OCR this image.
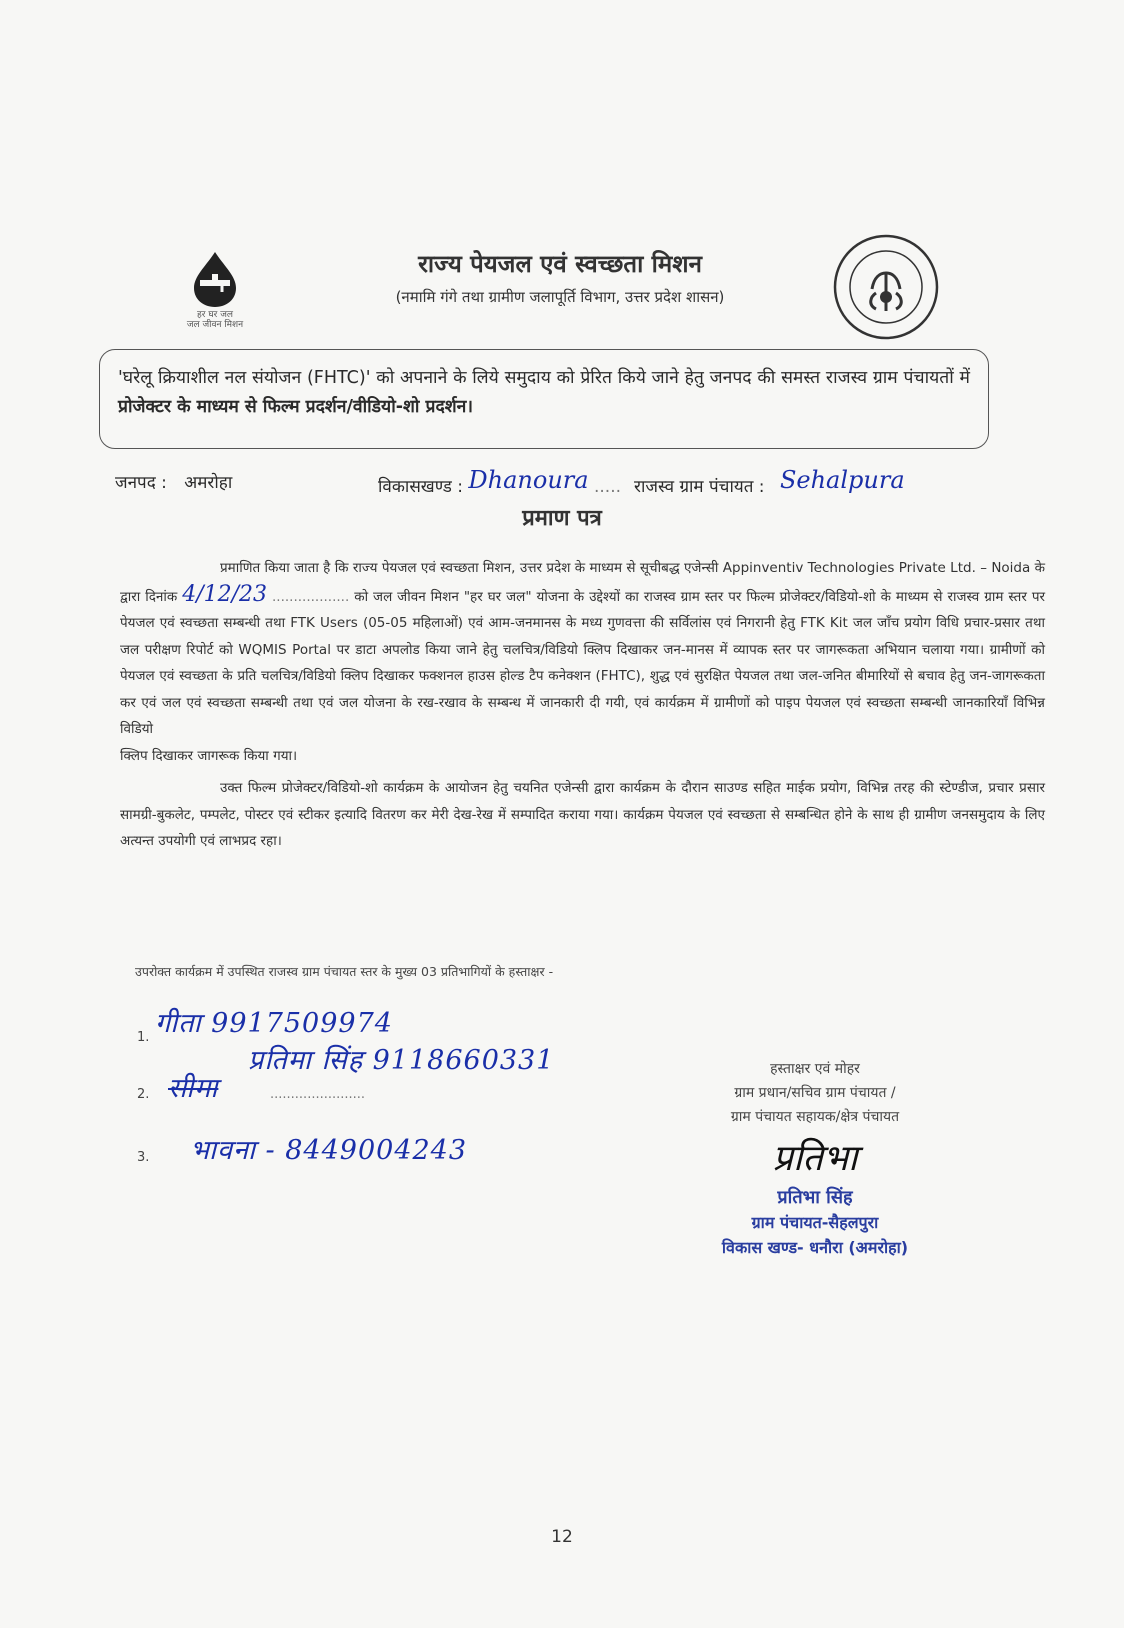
हर घर जल
जल जीवन मिशन
राज्य पेयजल एवं स्वच्छता मिशन
(नमामि गंगे तथा ग्रामीण जलापूर्ति विभाग, उत्तर प्रदेश शासन)
'घरेलू क्रियाशील नल संयोजन (FHTC)' को अपनाने के लिये समुदाय को प्रेरित किये जाने हेतु जनपद की समस्त राजस्व ग्राम पंचायतों में प्रोजेक्टर के माध्यम से फिल्म प्रदर्शन/वीडियो-शो प्रदर्शन।
जनपद : अमरोहा	विकासखण्ड : Dhanoura ..... राजस्व ग्राम पंचायत : Sehalpura
प्रमाण पत्र

प्रमाणित किया जाता है कि राज्य पेयजल एवं स्वच्छता मिशन, उत्तर प्रदेश के माध्यम से सूचीबद्ध एजेन्सी Appinventiv Technologies Private Ltd. – Noida के द्वारा दिनांक 4/12/23 .................. को जल जीवन मिशन "हर घर जल" योजना के उद्देश्यों का राजस्व ग्राम स्तर पर फिल्म प्रोजेक्टर/विडियो-शो के माध्यम से राजस्व ग्राम स्तर पर पेयजल एवं स्वच्छता सम्बन्धी तथा FTK Users (05-05 महिलाओं) एवं आम-जनमानस के मध्य गुणवत्ता की सर्विलांस एवं निगरानी हेतु FTK Kit जल जाँच प्रयोग विधि प्रचार-प्रसार तथा जल परीक्षण रिपोर्ट को WQMIS Portal पर डाटा अपलोड किया जाने हेतु चलचित्र/विडियो क्लिप दिखाकर जन-मानस में व्यापक स्तर पर जागरूकता अभियान चलाया गया। ग्रामीणों को पेयजल एवं स्वच्छता के प्रति चलचित्र/विडियो क्लिप दिखाकर फक्शनल हाउस होल्ड टैप कनेक्शन (FHTC), शुद्ध एवं सुरक्षित पेयजल तथा जल-जनित बीमारियों से बचाव हेतु जन-जागरूकता कर एवं जल एवं स्वच्छता सम्बन्धी तथा एवं जल योजना के रख-रखाव के सम्बन्ध में जानकारी दी गयी, एवं कार्यक्रम में ग्रामीणों को पाइप पेयजल एवं स्वच्छता सम्बन्धी जानकारियाँ विभिन्न विडियो

क्लिप दिखाकर जागरूक किया गया।

उक्त फिल्म प्रोजेक्टर/विडियो-शो कार्यक्रम के आयोजन हेतु चयनित एजेन्सी द्वारा कार्यक्रम के दौरान साउण्ड सहित माईक प्रयोग, विभिन्न तरह की स्टेण्डीज, प्रचार प्रसार सामग्री-बुकलेट, पम्पलेट, पोस्टर एवं स्टीकर इत्यादि वितरण कर मेरी देख-रेख में सम्पादित कराया गया। कार्यक्रम पेयजल एवं स्वच्छता से सम्बन्धित होने के साथ ही ग्रामीण जनसमुदाय के लिए अत्यन्त उपयोगी एवं लाभप्रद रहा।

उपरोक्त कार्यक्रम में उपस्थित राजस्व ग्राम पंचायत स्तर के मुख्य 03 प्रतिभागियों के हस्ताक्षर -
1. गीता 9917509974
प्रतिमा सिंह 9118660331
2. सीमा	.......................
3. भावना - 8449004243
हस्ताक्षर एवं मोहर
ग्राम प्रधान/सचिव ग्राम पंचायत /
ग्राम पंचायत सहायक/क्षेत्र पंचायत
प्रतिभा
प्रतिभा सिंह
ग्राम पंचायत-सैहलपुरा
विकास खण्ड- धनौरा (अमरोहा)
12
